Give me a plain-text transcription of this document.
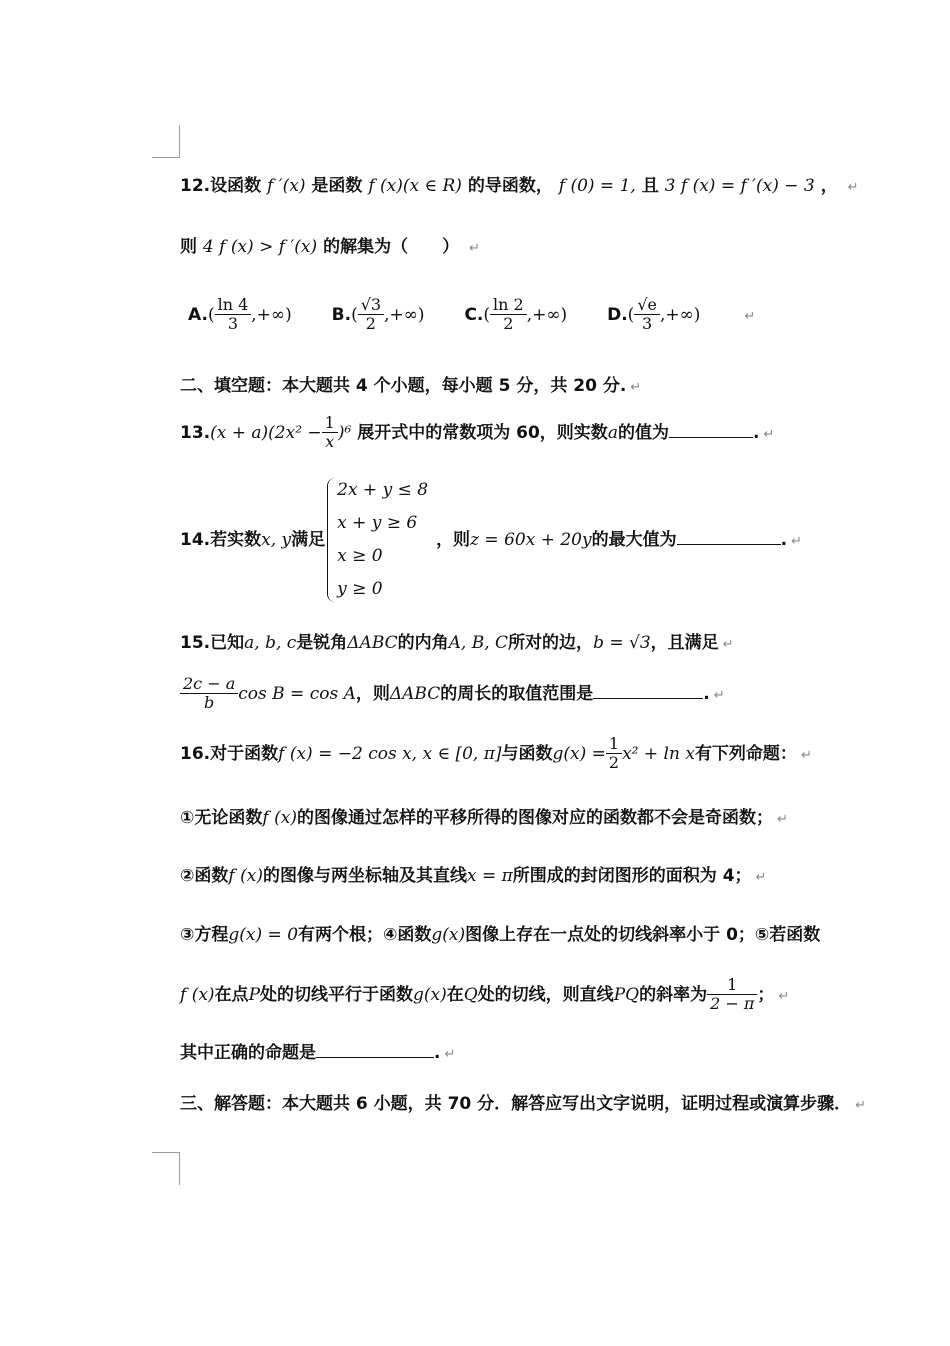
12.设函数 f ′(x) 是函数 f (x)(x ∈ R) 的导函数， f (0) = 1, 且 3 f (x) = f ′(x) − 3 ， ↵
则 4 f (x) > f ′(x) 的解集为（　　） ↵
$A.( \frac{\ln 4}{3}$ ,+∞) $B.( \frac{√3}{2}$ ,+∞) $C.( \frac{\ln 2}{2}$ ,+∞) $D.( \frac{√e}{3}$ ,+∞)	↵
二、填空题：本大题共 4 个小题，每小题 5 分，共 20 分. ↵
$13.(x + a)(2x^2 - \frac{1}{x} )^6$ 展开式中的常数项为 60，则实数a的值为	. ↵
14.若实数x, y满足
2x + y ≤ 8
x + y ≥ 6
x ≥ 0
y ≥ 0
，则z = 60x + 20y的最大值为	. ↵
15.已知a, b, c是锐角ΔABC的内角A, B, C所对的边，b = √3，且满足 ↵
$\frac{2c - a}{b}$ cos B = cos A，则ΔABC的周长的取值范围是	. ↵
16.对于函数f (x) = −2 cos x, x ∈ [0, π]与函数$g(x) = \frac{1}{2} x^2 + \ln x$有下列命题： ↵
①无论函数f (x)的图像通过怎样的平移所得的图像对应的函数都不会是奇函数； ↵
②函数f (x)的图像与两坐标轴及其直线x = π所围成的封闭图形的面积为 4； ↵
③方程g(x) = 0有两个根；④函数g(x)图像上存在一点处的切线斜率小于 0；⑤若函数
f (x)在点P处的切线平行于函数g(x)在Q处的切线，则直线PQ的斜率为 $\frac{1}{2 - \pi}$ ； ↵
其中正确的命题是	. ↵
三、解答题：本大题共 6 小题，共 70 分．解答应写出文字说明，证明过程或演算步骤． ↵
